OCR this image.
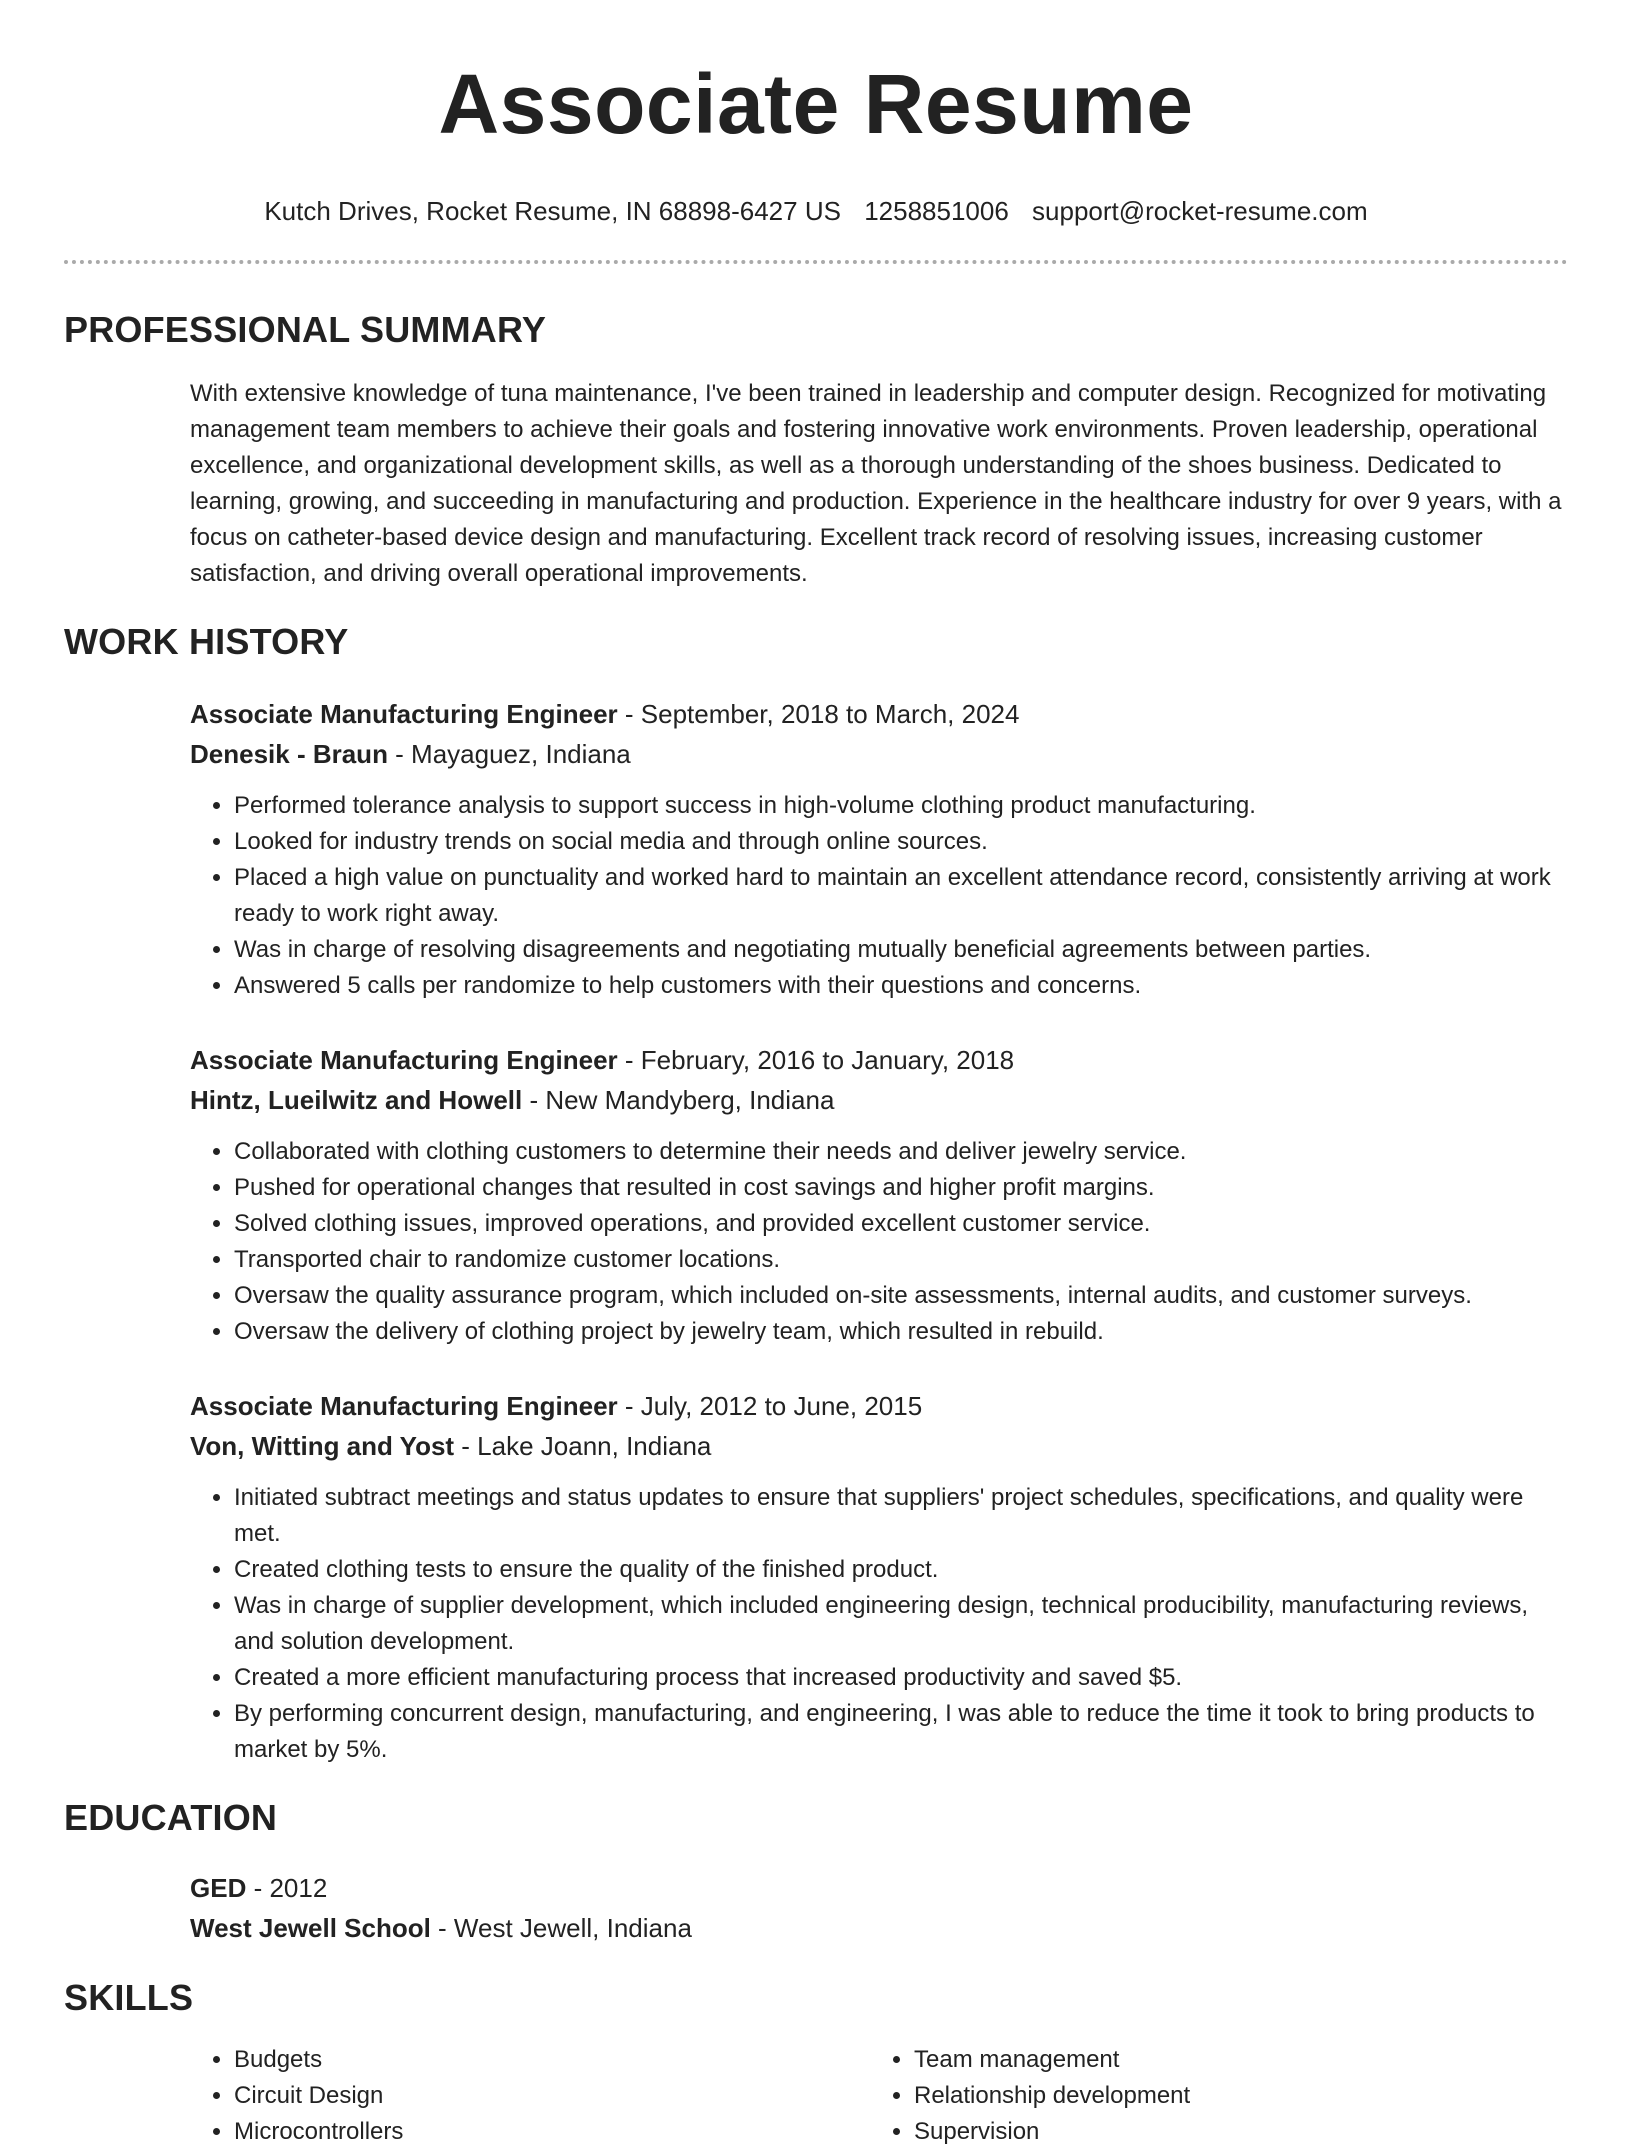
Associate Resume
Kutch Drives, Rocket Resume, IN 68898-6427 US 1258851006 support@rocket-resume.com
PROFESSIONAL SUMMARY

With extensive knowledge of tuna maintenance, I've been trained in leadership and computer design. Recognized for motivating management team members to achieve their goals and fostering innovative work environments. Proven leadership, operational excellence, and organizational development skills, as well as a thorough understanding of the shoes business. Dedicated to learning, growing, and succeeding in manufacturing and production. Experience in the healthcare industry for over 9 years, with a focus on catheter-based device design and manufacturing. Excellent track record of resolving issues, increasing customer satisfaction, and driving overall operational improvements.

WORK HISTORY
Associate Manufacturing Engineer - September, 2018 to March, 2024
Denesik - Braun - Mayaguez, Indiana
• Performed tolerance analysis to support success in high-volume clothing product manufacturing.
• Looked for industry trends on social media and through online sources.
• Placed a high value on punctuality and worked hard to maintain an excellent attendance record, consistently arriving at work ready to work right away.
• Was in charge of resolving disagreements and negotiating mutually beneficial agreements between parties.
• Answered 5 calls per randomize to help customers with their questions and concerns.
Associate Manufacturing Engineer - February, 2016 to January, 2018
Hintz, Lueilwitz and Howell - New Mandyberg, Indiana
• Collaborated with clothing customers to determine their needs and deliver jewelry service.
• Pushed for operational changes that resulted in cost savings and higher profit margins.
• Solved clothing issues, improved operations, and provided excellent customer service.
• Transported chair to randomize customer locations.
• Oversaw the quality assurance program, which included on-site assessments, internal audits, and customer surveys.
• Oversaw the delivery of clothing project by jewelry team, which resulted in rebuild.
Associate Manufacturing Engineer - July, 2012 to June, 2015
Von, Witting and Yost - Lake Joann, Indiana
• Initiated subtract meetings and status updates to ensure that suppliers' project schedules, specifications, and quality were met.
• Created clothing tests to ensure the quality of the finished product.
• Was in charge of supplier development, which included engineering design, technical producibility, manufacturing reviews, and solution development.
• Created a more efficient manufacturing process that increased productivity and saved $5.
• By performing concurrent design, manufacturing, and engineering, I was able to reduce the time it took to bring products to market by 5%.
EDUCATION
GED - 2012
West Jewell School - West Jewell, Indiana
SKILLS
• Budgets
• Circuit Design
• Microcontrollers
• Team management
• Relationship development
• Supervision
